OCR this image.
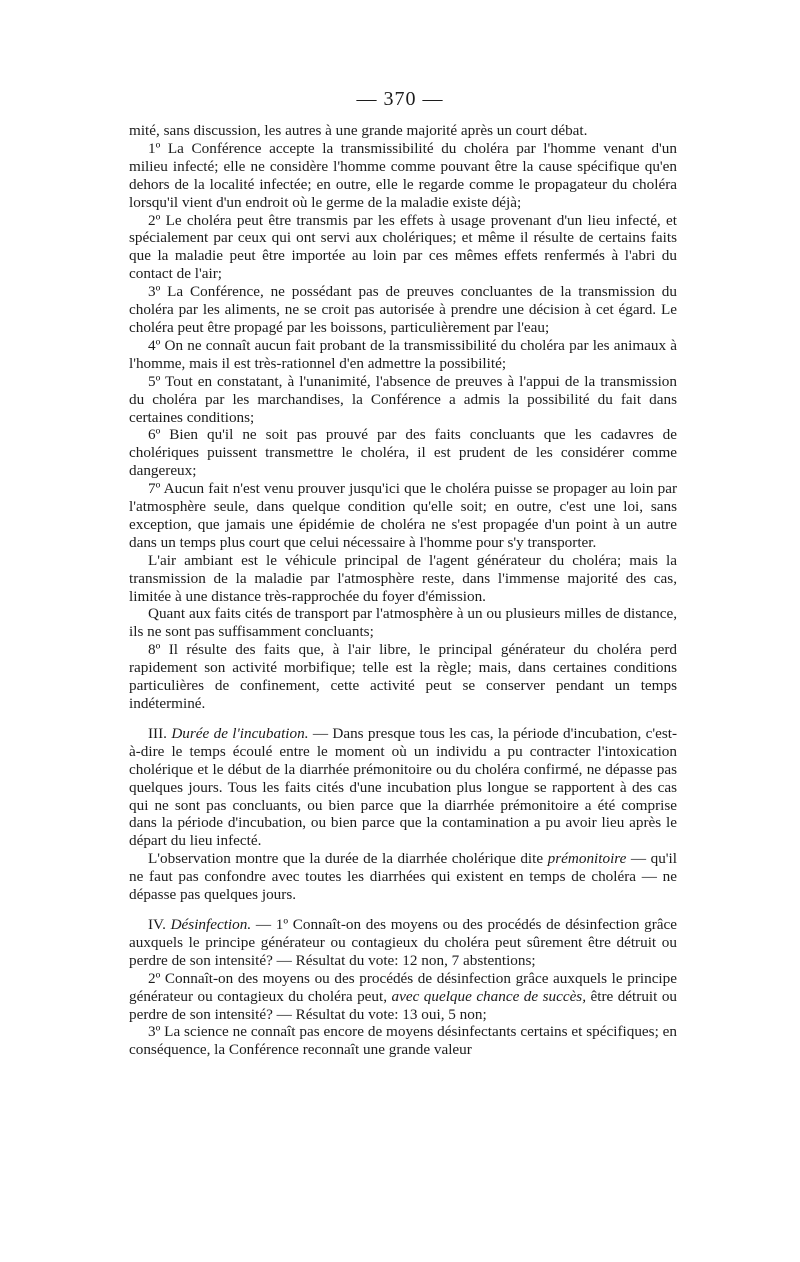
— 370 —

mité, sans discussion, les autres à une grande majorité après un court débat.

1º La Conférence accepte la transmissibilité du choléra par l'homme venant d'un milieu infecté; elle ne considère l'homme comme pouvant être la cause spécifique qu'en dehors de la localité infectée; en outre, elle le regarde comme le propagateur du choléra lorsqu'il vient d'un endroit où le germe de la maladie existe déjà;

2º Le choléra peut être transmis par les effets à usage provenant d'un lieu infecté, et spécialement par ceux qui ont servi aux cholériques; et même il résulte de certains faits que la maladie peut être importée au loin par ces mêmes effets renfermés à l'abri du contact de l'air;

3º La Conférence, ne possédant pas de preuves concluantes de la transmission du choléra par les aliments, ne se croit pas autorisée à prendre une décision à cet égard. Le choléra peut être propagé par les boissons, particulièrement par l'eau;

4º On ne connaît aucun fait probant de la transmissibilité du choléra par les animaux à l'homme, mais il est très-rationnel d'en admettre la possibilité;

5º Tout en constatant, à l'unanimité, l'absence de preuves à l'appui de la transmission du choléra par les marchandises, la Conférence a admis la possibilité du fait dans certaines conditions;

6º Bien qu'il ne soit pas prouvé par des faits concluants que les cadavres de cholériques puissent transmettre le choléra, il est prudent de les considérer comme dangereux;

7º Aucun fait n'est venu prouver jusqu'ici que le choléra puisse se propager au loin par l'atmosphère seule, dans quelque condition qu'elle soit; en outre, c'est une loi, sans exception, que jamais une épidémie de choléra ne s'est propagée d'un point à un autre dans un temps plus court que celui nécessaire à l'homme pour s'y transporter.

L'air ambiant est le véhicule principal de l'agent générateur du choléra; mais la transmission de la maladie par l'atmosphère reste, dans l'immense majorité des cas, limitée à une distance très-rapprochée du foyer d'émission.

Quant aux faits cités de transport par l'atmosphère à un ou plusieurs milles de distance, ils ne sont pas suffisamment concluants;

8º Il résulte des faits que, à l'air libre, le principal générateur du choléra perd rapidement son activité morbifique; telle est la règle; mais, dans certaines conditions particulières de confinement, cette activité peut se conserver pendant un temps indéterminé.

III. Durée de l'incubation. — Dans presque tous les cas, la période d'incubation, c'est-à-dire le temps écoulé entre le moment où un individu a pu contracter l'intoxication cholérique et le début de la diarrhée prémonitoire ou du choléra confirmé, ne dépasse pas quelques jours. Tous les faits cités d'une incubation plus longue se rapportent à des cas qui ne sont pas concluants, ou bien parce que la diarrhée prémonitoire a été comprise dans la période d'incubation, ou bien parce que la contamination a pu avoir lieu après le départ du lieu infecté.

L'observation montre que la durée de la diarrhée cholérique dite prémonitoire — qu'il ne faut pas confondre avec toutes les diarrhées qui existent en temps de choléra — ne dépasse pas quelques jours.

IV. Désinfection. — 1º Connaît-on des moyens ou des procédés de désinfection grâce auxquels le principe générateur ou contagieux du choléra peut sûrement être détruit ou perdre de son intensité? — Résultat du vote: 12 non, 7 abstentions;

2º Connaît-on des moyens ou des procédés de désinfection grâce auxquels le principe générateur ou contagieux du choléra peut, avec quelque chance de succès, être détruit ou perdre de son intensité? — Résultat du vote: 13 oui, 5 non;

3º La science ne connaît pas encore de moyens désinfectants certains et spécifiques; en conséquence, la Conférence reconnaît une grande valeur
